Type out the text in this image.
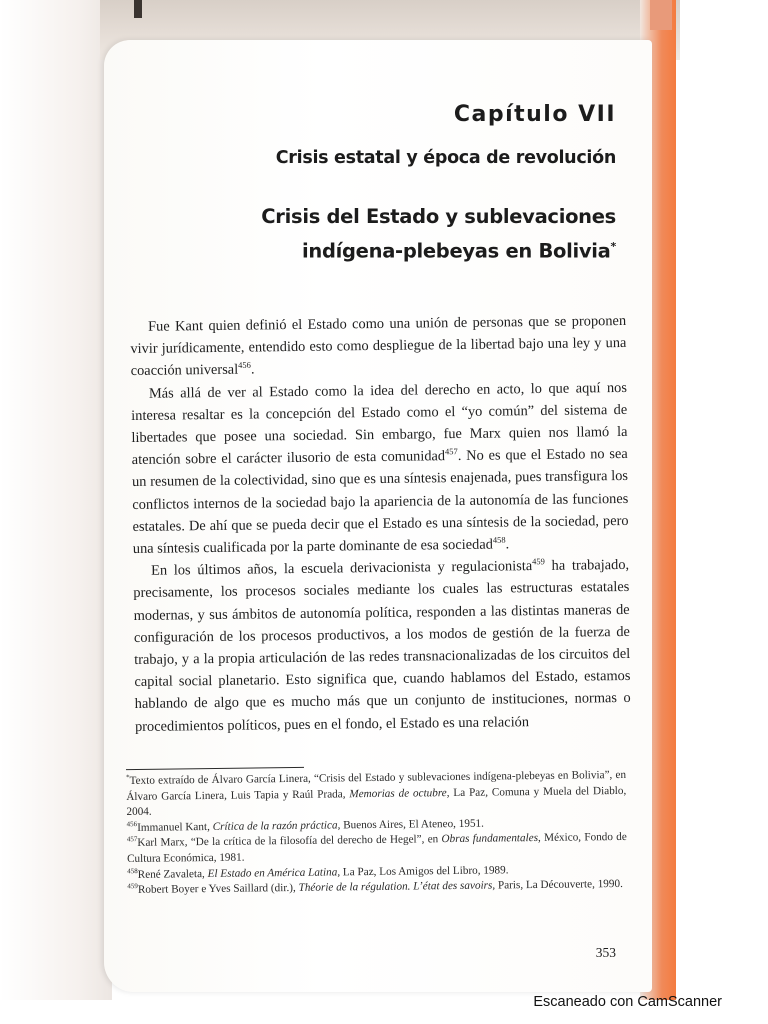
Capítulo VII
Crisis estatal y época de revolución
Crisis del Estado y sublevaciones
indígena-plebeyas en Bolivia*

Fue Kant quien definió el Estado como una unión de personas que se proponen vivir jurídicamente, entendido esto como despliegue de la libertad bajo una ley y una coacción universal$^{456}$.

Más allá de ver al Estado como la idea del derecho en acto, lo que aquí nos interesa resaltar es la concepción del Estado como el “yo común” del sistema de libertades que posee una sociedad. Sin embargo, fue Marx quien nos llamó la atención sobre el carácter ilusorio de esta comunidad$^{457}$. No es que el Estado no sea un resumen de la colectividad, sino que es una síntesis enajenada, pues transfigura los conflictos internos de la sociedad bajo la apariencia de la autonomía de las funciones estatales. De ahí que se pueda decir que el Estado es una síntesis de la sociedad, pero una síntesis cualificada por la parte dominante de esa sociedad$^{458}$.

En los últimos años, la escuela derivacionista y regulacionista$^{459}$ ha trabajado, precisamente, los procesos sociales mediante los cuales las estructuras estatales modernas, y sus ámbitos de autonomía política, responden a las distintas maneras de configuración de los procesos productivos, a los modos de gestión de la fuerza de trabajo, y a la propia articulación de las redes transnacionalizadas de los circuitos del capital social planetario. Esto significa que, cuando hablamos del Estado, estamos hablando de algo que es mucho más que un conjunto de instituciones, normas o procedimientos políticos, pues en el fondo, el Estado es una relación

*Texto extraído de Álvaro García Linera, “Crisis del Estado y sublevaciones indígena-plebeyas en Bolivia”, en Álvaro García Linera, Luis Tapia y Raúl Prada, Memorias de octubre, La Paz, Comuna y Muela del Diablo, 2004.

$^{456}$Immanuel Kant, Crítica de la razón práctica, Buenos Aires, El Ateneo, 1951.

$^{457}$Karl Marx, “De la crítica de la filosofía del derecho de Hegel”, en Obras fundamentales, México, Fondo de Cultura Económica, 1981.

$^{458}$René Zavaleta, El Estado en América Latina, La Paz, Los Amigos del Libro, 1989.

$^{459}$Robert Boyer e Yves Saillard (dir.), Théorie de la régulation. L’état des savoirs, Paris, La Découverte, 1990.

353
Escaneado con CamScanner
